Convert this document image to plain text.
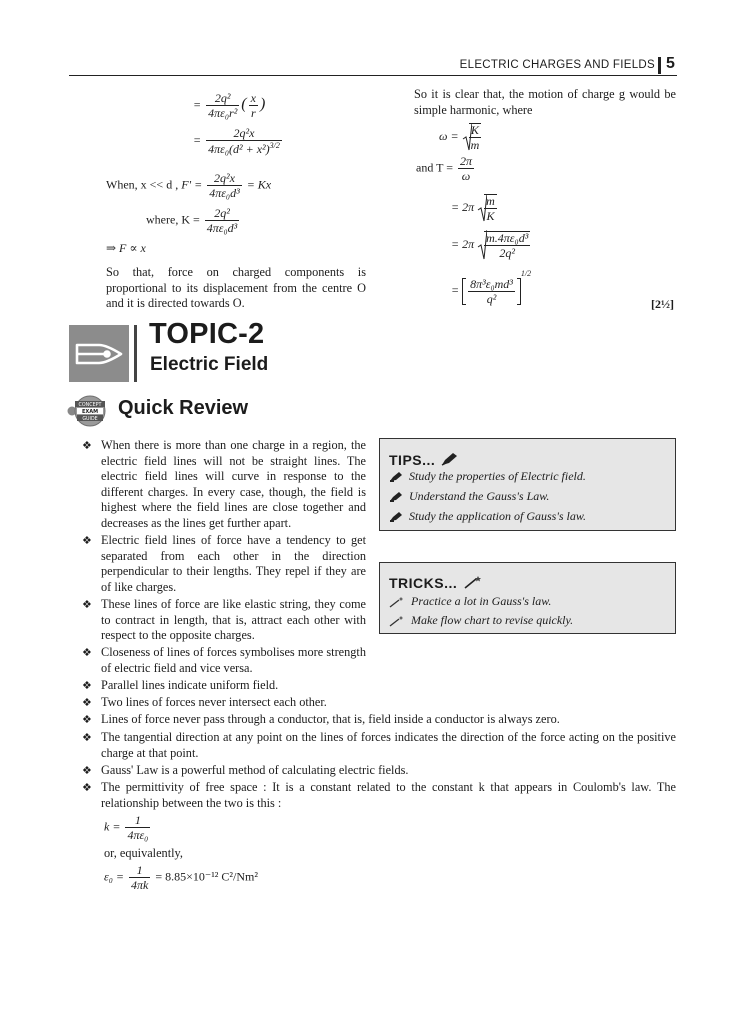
ELECTRIC CHARGES AND FIELDS 5
= $\frac{\text{2q²}}{\text{4πε₀r²}}$ ( $\frac{x}{r}$ )
= $\frac{\text{2q²x}}{4\pi\varepsilon_0(d^2 + x^2)^{3/2}}$
When, x << d , $F' = \frac{\text{2q²x}}{\text{4πε₀d³}} = Kx$
where, $K = \frac{\text{2q²}}{\text{4πε₀d³}}$
⇒ F ∝ x
So that, force on charged components is proportional to its displacement from the centre O and it is directed towards O.
So it is clear that, the motion of charge g would be simple harmonic, where
$\omega = \frac{K}{m}$
and $T = \frac{2\pi}{\omega}$
= $2\pi \frac{m}{K}$
= $2\pi \frac{\text{m.4πε₀d³}}{\text{2q²}}$
= $\frac{\text{8π³ε₀md³}}{\text{q²}}$
$^{1/2}$
[2½]
TOPIC-2
Electric Field
CONCEPT
EXAM
GUIDE
Quick Review
❖ When there is more than one charge in a region, the electric field lines will not be straight lines. The electric field lines will curve in response to the different charges. In every case, though, the field is highest where the field lines are close together and decreases as the lines get further apart.
❖ Electric field lines of force have a tendency to get separated from each other in the direction perpendicular to their lengths. They repel if they are of like charges.
❖ These lines of force are like elastic string, they come to contract in length, that is, attract each other with respect to the opposite charges.
❖ Closeness of lines of forces symbolises more strength of electric field and vice versa.
❖ Parallel lines indicate uniform field.
❖ Two lines of forces never intersect each other.
❖ Lines of force never pass through a conductor, that is, field inside a conductor is always zero.
❖ The tangential direction at any point on the lines of forces indicates the direction of the force acting on the positive charge at that point.
❖ Gauss' Law is a powerful method of calculating electric fields.
❖ The permittivity of free space : It is a constant related to the constant k that appears in Coulomb's law. The relationship between the two is this :
$k = \frac{1}{\text{4πε₀}}$
or, equivalently,
$\varepsilon_0 = \frac{1}{4\pi k} = 8.85\times 10^{-12}$ C²/Nm²
TIPS...
Study the properties of Electric field.
Understand the Gauss's Law.
Study the application of Gauss's law.
TRICKS...
Practice a lot in Gauss's law.
Make flow chart to revise quickly.
